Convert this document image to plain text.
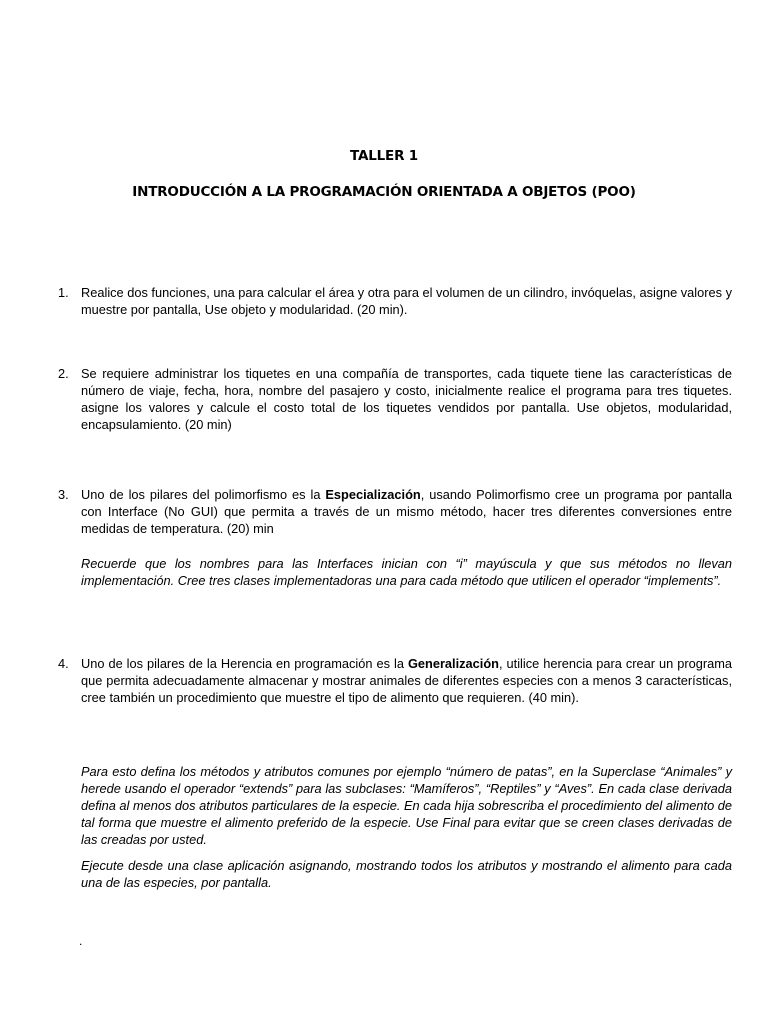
TALLER 1
INTRODUCCIÓN A LA PROGRAMACIÓN ORIENTADA A OBJETOS (POO)
1. Realice dos funciones, una para calcular el área y otra para el volumen de un cilindro, invóquelas, asigne valores y muestre por pantalla, Use objeto y modularidad. (20 min).
2. Se requiere administrar los tiquetes en una compañía de transportes, cada tiquete tiene las características de número de viaje, fecha, hora, nombre del pasajero y costo, inicialmente realice el programa para tres tiquetes. asigne los valores y calcule el costo total de los tiquetes vendidos por pantalla. Use objetos, modularidad, encapsulamiento. (20 min)
3. Uno de los pilares del polimorfismo es la Especialización, usando Polimorfismo cree un programa por pantalla con Interface (No GUI) que permita a través de un mismo método, hacer tres diferentes conversiones entre medidas de temperatura. (20) min
Recuerde que los nombres para las Interfaces inician con “i” mayúscula y que sus métodos no llevan implementación. Cree tres clases implementadoras una para cada método que utilicen el operador “implements”.
4. Uno de los pilares de la Herencia en programación es la Generalización, utilice herencia para crear un programa que permita adecuadamente almacenar y mostrar animales de diferentes especies con a menos 3 características, cree también un procedimiento que muestre el tipo de alimento que requieren. (40 min).
Para esto defina los métodos y atributos comunes por ejemplo “número de patas”, en la Superclase “Animales” y herede usando el operador “extends” para las subclases: “Mamíferos”, “Reptiles” y “Aves”. En cada clase derivada defina al menos dos atributos particulares de la especie. En cada hija sobrescriba el procedimiento del alimento de tal forma que muestre el alimento preferido de la especie. Use Final para evitar que se creen clases derivadas de las creadas por usted.
Ejecute desde una clase aplicación asignando, mostrando todos los atributos y mostrando el alimento para cada una de las especies, por pantalla.
.
